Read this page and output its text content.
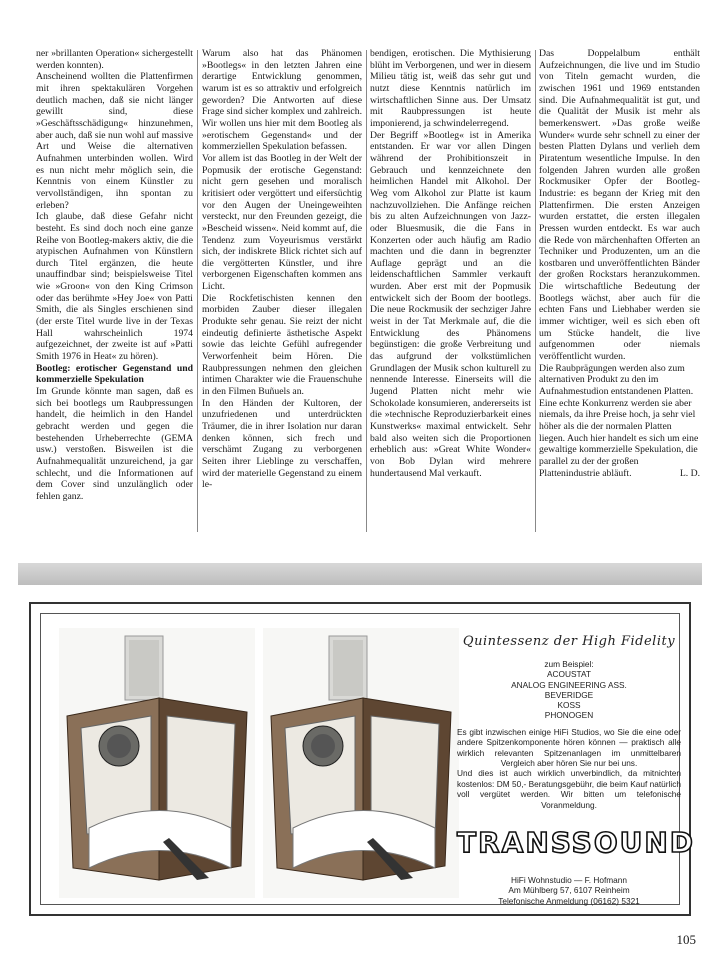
ner »brillanten Operation« sichergestellt werden konnten).

Anscheinend wollten die Plattenfirmen mit ihren spektakulären Vorgehen deutlich machen, daß sie nicht länger gewillt sind, diese »Geschäftsschädigung« hinzunehmen, aber auch, daß sie nun wohl auf massive Art und Weise die alternativen Aufnahmen unterbinden wollen. Wird es nun nicht mehr möglich sein, die Kenntnis von einem Künstler zu vervollständigen, ihn spontan zu erleben?

Ich glaube, daß diese Gefahr nicht besteht. Es sind doch noch eine ganze Reihe von Bootleg-makers aktiv, die die atypischen Aufnahmen von Künstlern durch Titel ergänzen, die heute unauffindbar sind; beispielsweise Titel wie »Groon« von den King Crimson oder das berühmte »Hey Joe« von Patti Smith, die als Singles erschienen sind (der erste Titel wurde live in der Texas Hall wahrscheinlich 1974 aufgezeichnet, der zweite ist auf »Patti Smith 1976 in Heat« zu hören).

Bootleg: erotischer Gegenstand und kommerzielle Spekulation

Im Grunde könnte man sagen, daß es sich bei bootlegs um Raubpressungen handelt, die heimlich in den Handel gebracht werden und gegen die bestehenden Urheberrechte (GEMA usw.) verstoßen. Bisweilen ist die Aufnahmequalität unzureichend, ja gar schlecht, und die Informationen auf dem Cover sind unzulänglich oder fehlen ganz.

Warum also hat das Phänomen »Bootlegs« in den letzten Jahren eine derartige Entwicklung genommen, warum ist es so attraktiv und erfolgreich geworden? Die Antworten auf diese Frage sind sicher komplex und zahlreich. Wir wollen uns hier mit dem Bootleg als »erotischem Gegenstand« und der kommerziellen Spekulation befassen.

Vor allem ist das Bootleg in der Welt der Popmusik der erotische Gegenstand: nicht gern gesehen und moralisch kritisiert oder vergöttert und eifersüchtig vor den Augen der Uneingeweihten versteckt, nur den Freunden gezeigt, die »Bescheid wissen«. Neid kommt auf, die Tendenz zum Voyeurismus verstärkt sich, der indiskrete Blick richtet sich auf die vergötterten Künstler, und ihre verborgenen Eigenschaften kommen ans Licht.

Die Rockfetischisten kennen den morbiden Zauber dieser illegalen Produkte sehr genau. Sie reizt der nicht eindeutig definierte ästhetische Aspekt sowie das leichte Gefühl aufregender Verworfenheit beim Hören. Die Raubpressungen nehmen den gleichen intimen Charakter wie die Frauenschuhe in den Filmen Buñuels an.

In den Händen der Kultoren, der unzufriedenen und unterdrückten Träumer, die in ihrer Isolation nur daran denken können, sich frech und verschämt Zugang zu verborgenen Seiten ihrer Lieblinge zu verschaffen, wird der materielle Gegenstand zu einem le-

bendigen, erotischen. Die Mythisierung blüht im Verborgenen, und wer in diesem Milieu tätig ist, weiß das sehr gut und nutzt diese Kenntnis natürlich im wirtschaftlichen Sinne aus. Der Umsatz mit Raubpressungen ist heute imponierend, ja schwindelerregend.

Der Begriff »Bootleg« ist in Amerika entstanden. Er war vor allen Dingen während der Prohibitionszeit in Gebrauch und kennzeichnete den heimlichen Handel mit Alkohol. Der Weg vom Alkohol zur Platte ist kaum nachzuvollziehen. Die Anfänge reichen bis zu alten Aufzeichnungen von Jazz- oder Bluesmusik, die die Fans in Konzerten oder auch häufig am Radio machten und die dann in begrenzter Auflage geprägt und an die leidenschaftlichen Sammler verkauft wurden. Aber erst mit der Popmusik entwickelt sich der Boom der bootlegs. Die neue Rockmusik der sechziger Jahre weist in der Tat Merkmale auf, die die Entwicklung des Phänomens begünstigen: die große Verbreitung und das aufgrund der volkstümlichen Grundlagen der Musik schon kulturell zu nennende Interesse. Einerseits will die Jugend Platten nicht mehr wie Schokolade konsumieren, andererseits ist die »technische Reproduzierbarkeit eines Kunstwerks« maximal entwickelt. Sehr bald also weiten sich die Proportionen erheblich aus: »Great White Wonder« von Bob Dylan wird mehrere hundertausend Mal verkauft.

Das Doppelalbum enthält Aufzeichnungen, die live und im Studio von Titeln gemacht wurden, die zwischen 1961 und 1969 entstanden sind. Die Aufnahmequalität ist gut, und die Qualität der Musik ist mehr als bemerkenswert. »Das große weiße Wunder« wurde sehr schnell zu einer der besten Platten Dylans und verlieh dem Piratentum wesentliche Impulse. In den folgenden Jahren wurden alle großen Rockmusiker Opfer der Bootleg-Industrie: es begann der Krieg mit den Plattenfirmen. Die ersten Anzeigen wurden erstattet, die ersten illegalen Pressen wurden entdeckt. Es war auch die Rede von märchenhaften Offerten an Techniker und Produzenten, um an die kostbaren und unveröffentlichten Bänder der großen Rockstars heranzukommen. Die wirtschaftliche Bedeutung der Bootlegs wächst, aber auch für die echten Fans und Liebhaber werden sie immer wichtiger, weil es sich eben oft um Stücke handelt, die live aufgenommen oder niemals veröffentlicht wurden.

Die Raubprägungen werden also zum alternativen Produkt zu den im Aufnahmestudion entstandenen Platten. Eine echte Konkurrenz werden sie aber niemals, da ihre Preise hoch, ja sehr viel höher als die der normalen Platten liegen. Auch hier handelt es sich um eine gewaltige kommerzielle Spekulation, die parallel zu der der großen Plattenindustrie abläuft.	L. D.

Quintessenz der High Fidelity
zum Beispiel:
ACOUSTAT
ANALOG ENGINEERING ASS.
BEVERIDGE
KOSS
PHONOGEN
Es gibt inzwischen einige HiFi Studios, wo Sie die eine oder andere Spitzenkomponente hören können — praktisch alle wirklich relevanten Spitzenanlagen im unmittelbaren Vergleich aber hören Sie nur bei uns.
Und dies ist auch wirklich unverbindlich, da mitnichten kostenlos: DM 50,- Beratungsgebühr, die beim Kauf natürlich voll vergütet werden. Wir bitten um telefonische Voranmeldung.
TRANSSOUND
HiFi Wohnstudio — F. Hofmann
Am Mühlberg 57, 6107 Reinheim
Telefonische Anmeldung (06162) 5321
105
